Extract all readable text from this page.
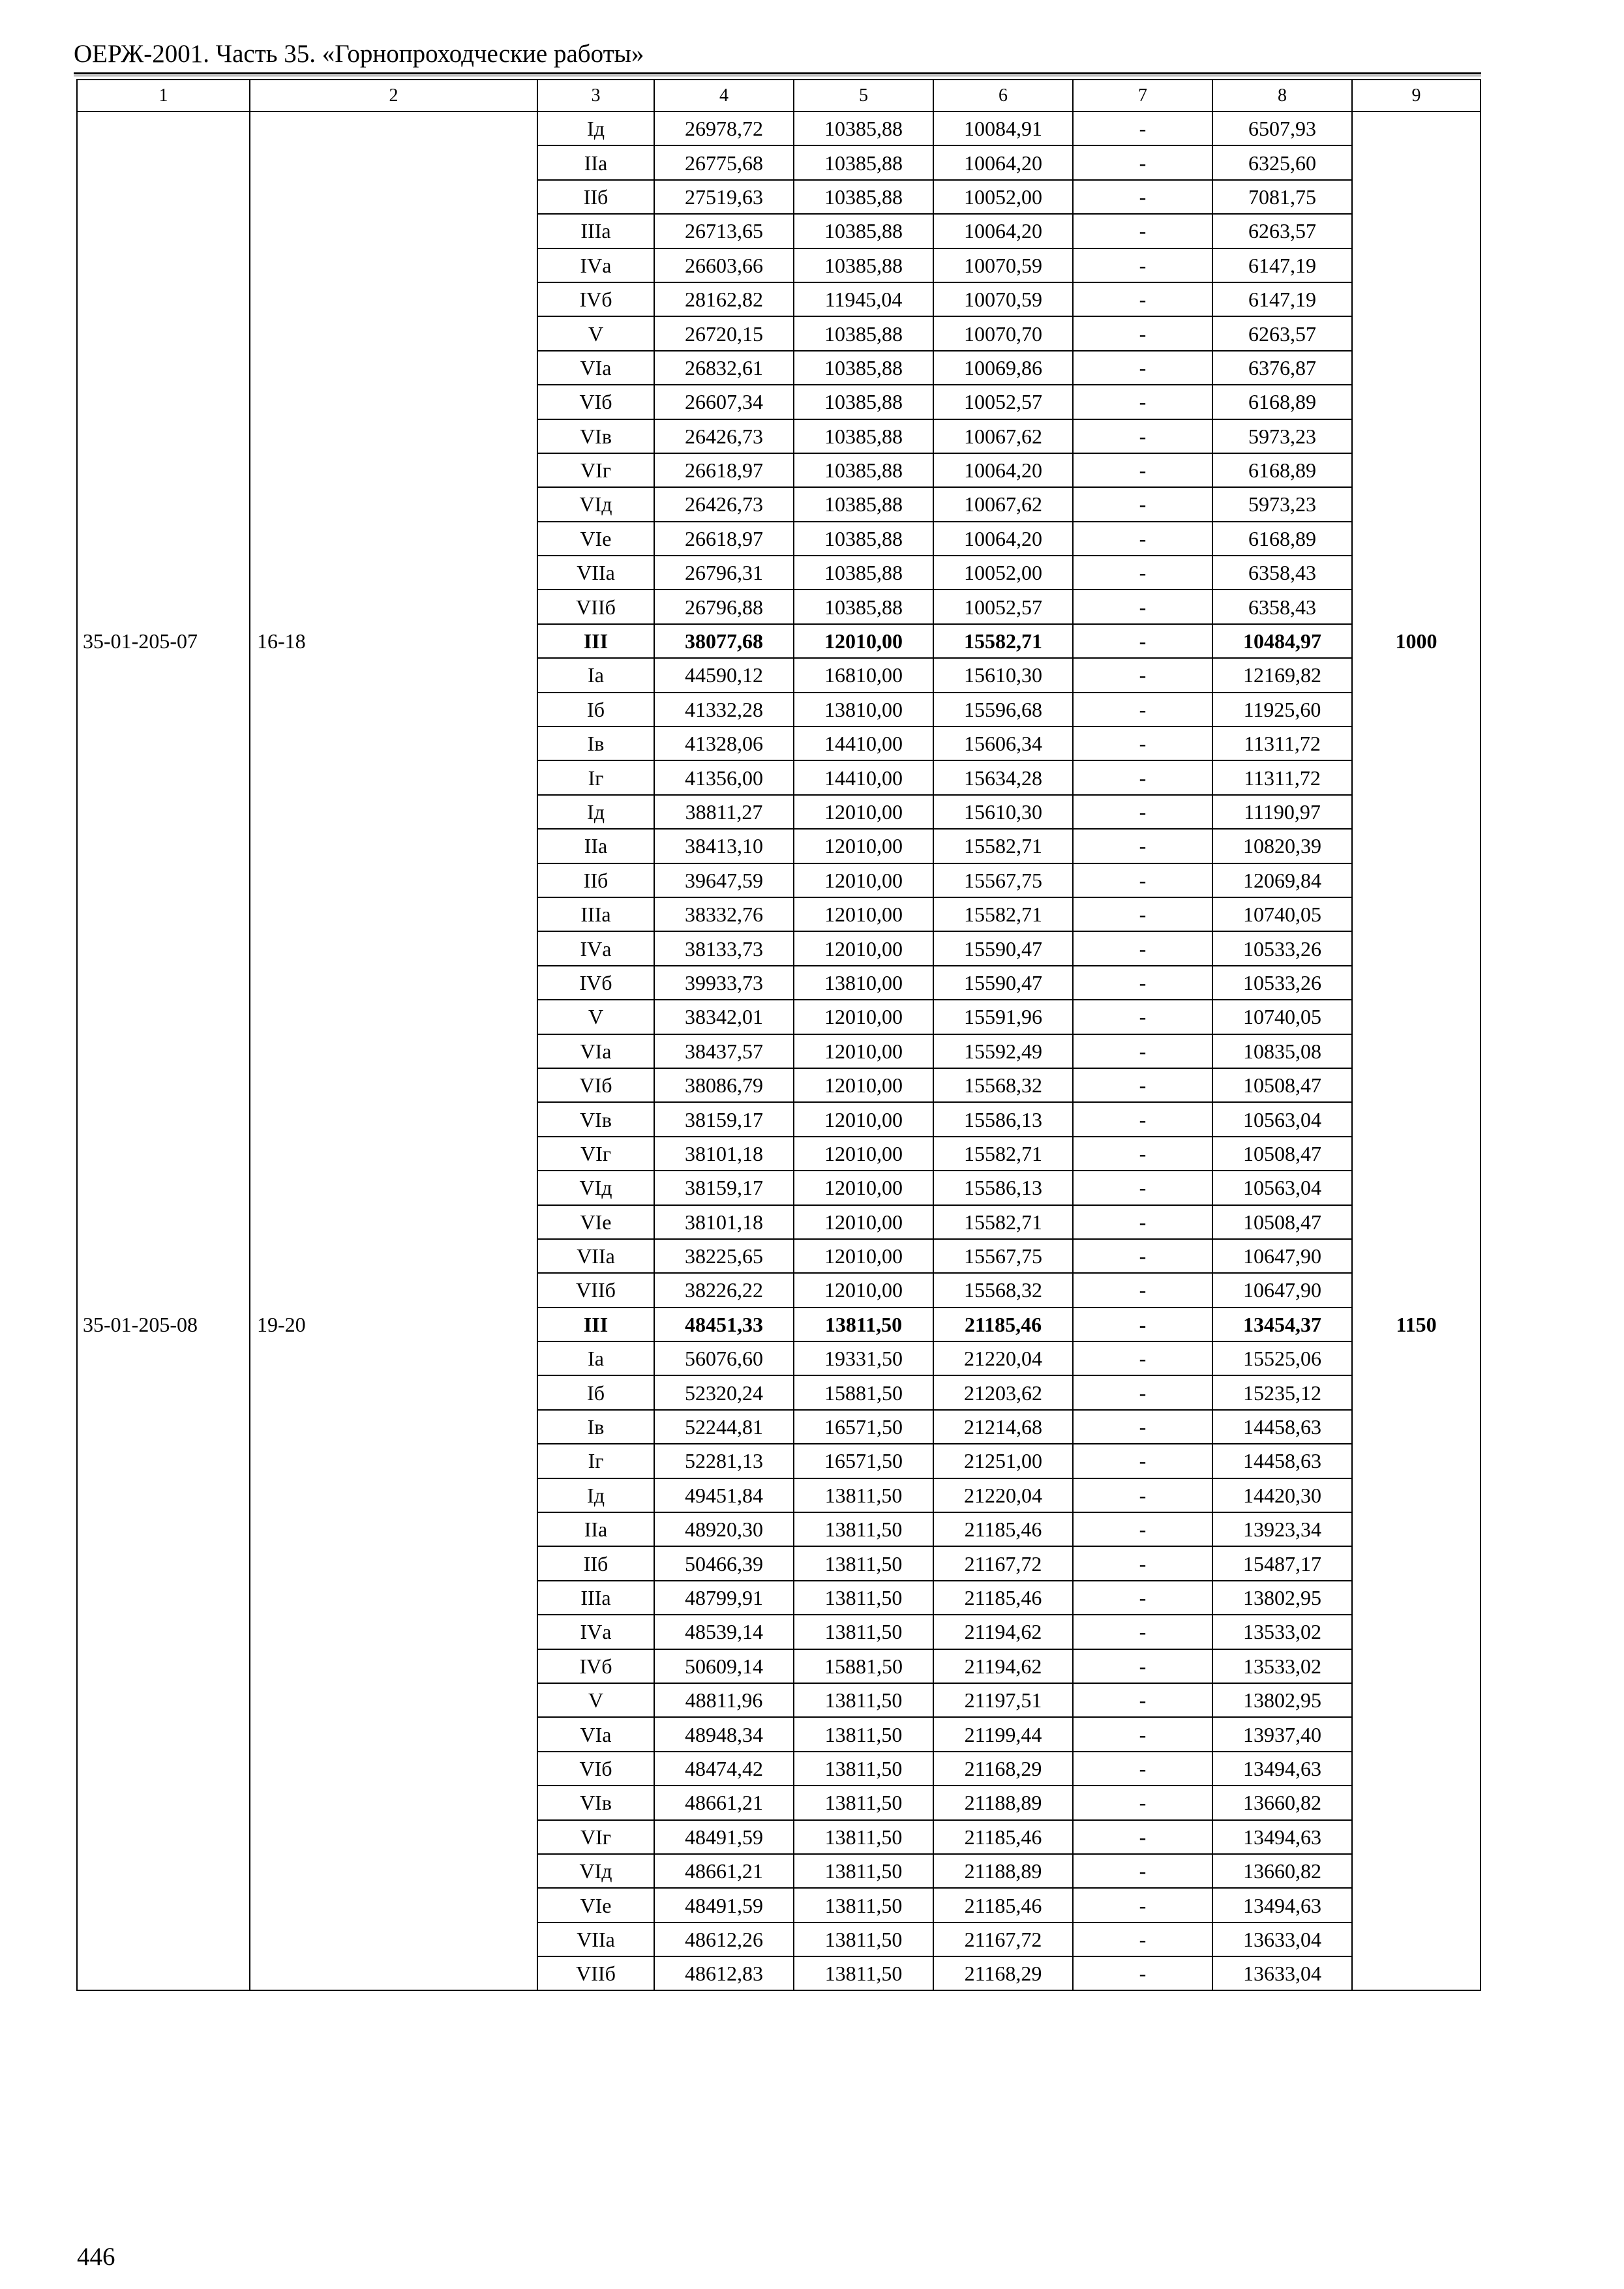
ОЕРЖ-2001. Часть 35. «Горнопроходческие работы»
1	2	3	4	5	6	7	8	9
		Iд	26978,72	10385,88	10084,91	-	6507,93	
		IIа	26775,68	10385,88	10064,20	-	6325,60	
		IIб	27519,63	10385,88	10052,00	-	7081,75	
		IIIа	26713,65	10385,88	10064,20	-	6263,57	
		IVа	26603,66	10385,88	10070,59	-	6147,19	
		IVб	28162,82	11945,04	10070,59	-	6147,19	
		V	26720,15	10385,88	10070,70	-	6263,57	
		VIа	26832,61	10385,88	10069,86	-	6376,87	
		VIб	26607,34	10385,88	10052,57	-	6168,89	
		VIв	26426,73	10385,88	10067,62	-	5973,23	
		VIг	26618,97	10385,88	10064,20	-	6168,89	
		VIд	26426,73	10385,88	10067,62	-	5973,23	
		VIе	26618,97	10385,88	10064,20	-	6168,89	
		VIIа	26796,31	10385,88	10052,00	-	6358,43	
		VIIб	26796,88	10385,88	10052,57	-	6358,43	
35-01-205-07	16-18	III	38077,68	12010,00	15582,71	-	10484,97	1000
		Iа	44590,12	16810,00	15610,30	-	12169,82	
		Iб	41332,28	13810,00	15596,68	-	11925,60	
		Iв	41328,06	14410,00	15606,34	-	11311,72	
		Iг	41356,00	14410,00	15634,28	-	11311,72	
		Iд	38811,27	12010,00	15610,30	-	11190,97	
		IIа	38413,10	12010,00	15582,71	-	10820,39	
		IIб	39647,59	12010,00	15567,75	-	12069,84	
		IIIа	38332,76	12010,00	15582,71	-	10740,05	
		IVа	38133,73	12010,00	15590,47	-	10533,26	
		IVб	39933,73	13810,00	15590,47	-	10533,26	
		V	38342,01	12010,00	15591,96	-	10740,05	
		VIа	38437,57	12010,00	15592,49	-	10835,08	
		VIб	38086,79	12010,00	15568,32	-	10508,47	
		VIв	38159,17	12010,00	15586,13	-	10563,04	
		VIг	38101,18	12010,00	15582,71	-	10508,47	
		VIд	38159,17	12010,00	15586,13	-	10563,04	
		VIе	38101,18	12010,00	15582,71	-	10508,47	
		VIIа	38225,65	12010,00	15567,75	-	10647,90	
		VIIб	38226,22	12010,00	15568,32	-	10647,90	
35-01-205-08	19-20	III	48451,33	13811,50	21185,46	-	13454,37	1150
		Iа	56076,60	19331,50	21220,04	-	15525,06	
		Iб	52320,24	15881,50	21203,62	-	15235,12	
		Iв	52244,81	16571,50	21214,68	-	14458,63	
		Iг	52281,13	16571,50	21251,00	-	14458,63	
		Iд	49451,84	13811,50	21220,04	-	14420,30	
		IIа	48920,30	13811,50	21185,46	-	13923,34	
		IIб	50466,39	13811,50	21167,72	-	15487,17	
		IIIа	48799,91	13811,50	21185,46	-	13802,95	
		IVа	48539,14	13811,50	21194,62	-	13533,02	
		IVб	50609,14	15881,50	21194,62	-	13533,02	
		V	48811,96	13811,50	21197,51	-	13802,95	
		VIа	48948,34	13811,50	21199,44	-	13937,40	
		VIб	48474,42	13811,50	21168,29	-	13494,63	
		VIв	48661,21	13811,50	21188,89	-	13660,82	
		VIг	48491,59	13811,50	21185,46	-	13494,63	
		VIд	48661,21	13811,50	21188,89	-	13660,82	
		VIе	48491,59	13811,50	21185,46	-	13494,63	
		VIIа	48612,26	13811,50	21167,72	-	13633,04	
		VIIб	48612,83	13811,50	21168,29	-	13633,04	
446
